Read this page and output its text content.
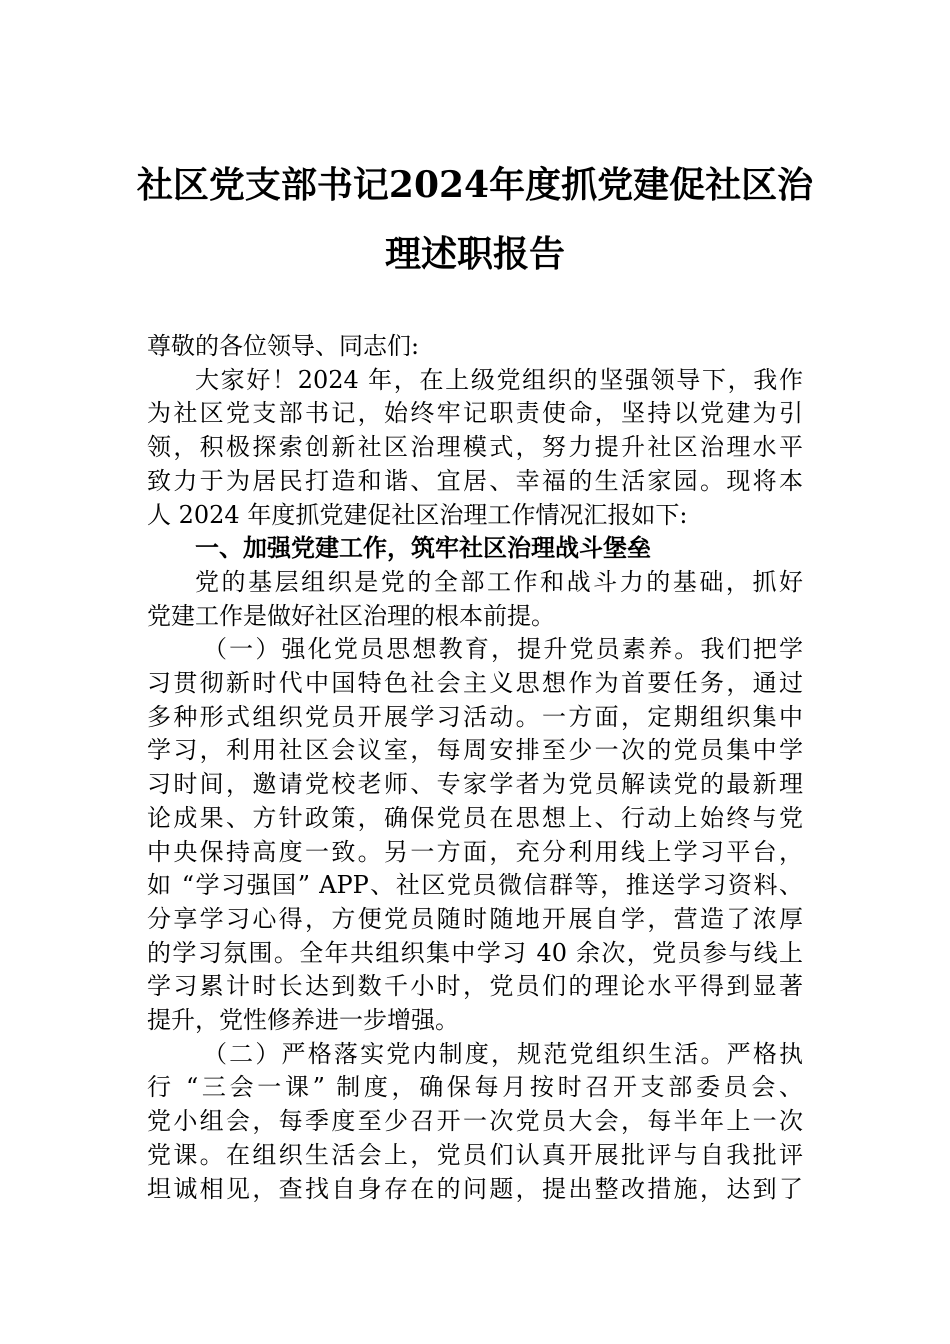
社区党支部书记2024年度抓党建促社区治
理述职报告
尊敬的各位领导、同志们:
大家好！2024 年，在上级党组织的坚强领导下，我作
为社区党支部书记，始终牢记职责使命，坚持以党建为引
领，积极探索创新社区治理模式，努力提升社区治理水平
致力于为居民打造和谐、宜居、幸福的生活家园。现将本
人 2024 年度抓党建促社区治理工作情况汇报如下:
一、加强党建工作，筑牢社区治理战斗堡垒
党的基层组织是党的全部工作和战斗力的基础，抓好
党建工作是做好社区治理的根本前提。
（一）强化党员思想教育，提升党员素养。我们把学
习贯彻新时代中国特色社会主义思想作为首要任务，通过
多种形式组织党员开展学习活动。一方面，定期组织集中
学习，利用社区会议室，每周安排至少一次的党员集中学
习时间，邀请党校老师、专家学者为党员解读党的最新理
论成果、方针政策，确保党员在思想上、行动上始终与党
中央保持高度一致。另一方面，充分利用线上学习平台，
如 “学习强国” APP、社区党员微信群等，推送学习资料、
分享学习心得，方便党员随时随地开展自学，营造了浓厚
的学习氛围。全年共组织集中学习 40 余次，党员参与线上
学习累计时长达到数千小时，党员们的理论水平得到显著
提升，党性修养进一步增强。
（二）严格落实党内制度，规范党组织生活。严格执
行 “三会一课” 制度，确保每月按时召开支部委员会、
党小组会，每季度至少召开一次党员大会，每半年上一次
党课。在组织生活会上，党员们认真开展批评与自我批评
坦诚相见，查找自身存在的问题，提出整改措施，达到了
